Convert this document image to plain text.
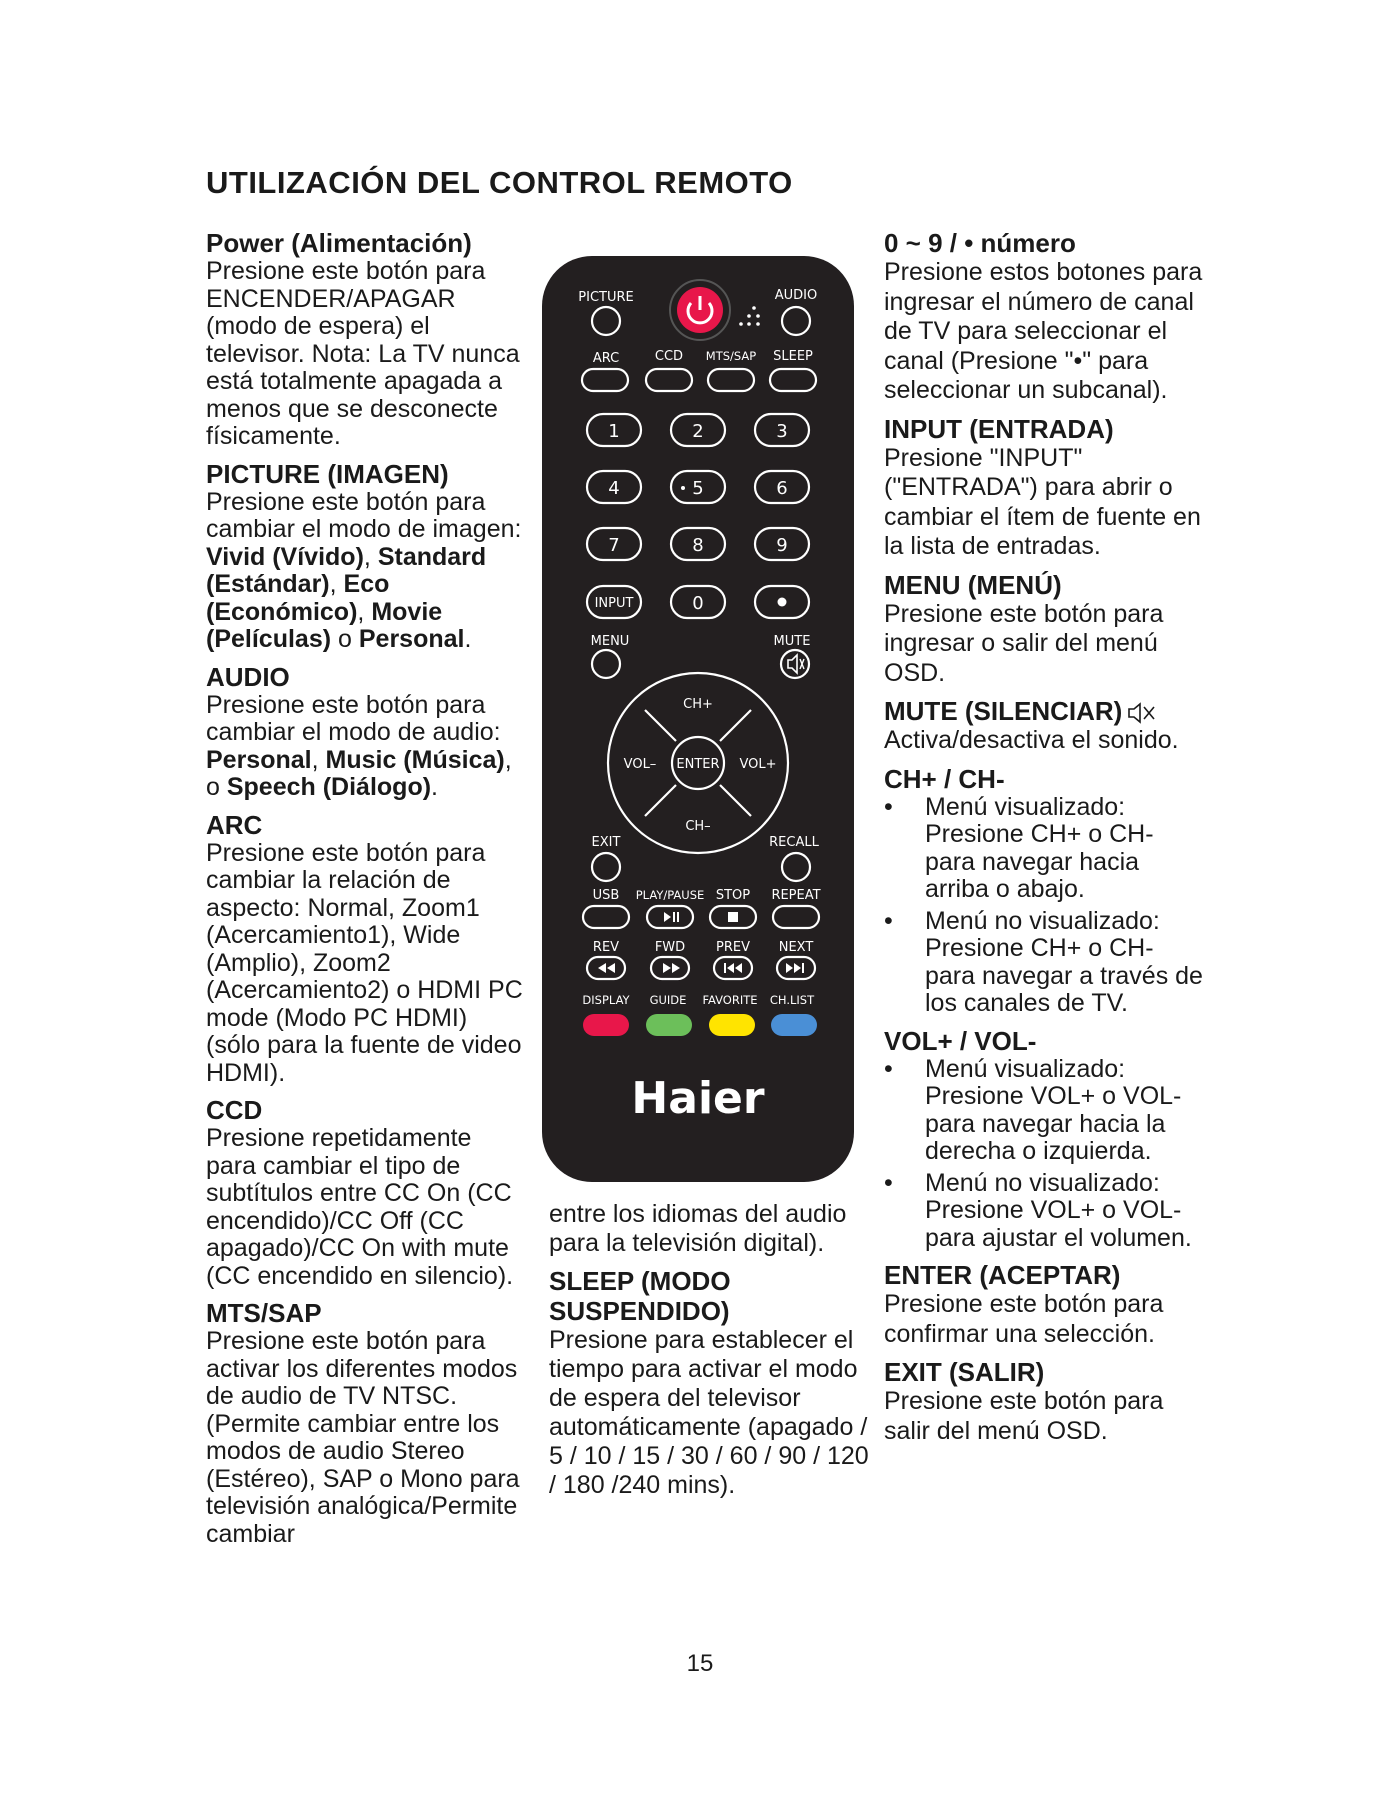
UTILIZACIÓN DEL CONTROL REMOTO
Power (Alimentación)

Presione este botón para ENCENDER/APAGAR (modo de espera) el televisor. Nota: La TV nunca está totalmente apagada a menos que se desconecte físicamente.

PICTURE (IMAGEN)

Presione este botón para cambiar el modo de imagen: Vivid (Vívido), Standard (Estándar), Eco (Económico), Movie (Películas) o Personal.

AUDIO

Presione este botón para cambiar el modo de audio: Personal, Music (Música), o Speech (Diálogo).

ARC

Presione este botón para cambiar la relación de aspecto: Normal, Zoom1 (Acercamiento1), Wide (Amplio), Zoom2 (Acercamiento2) o HDMI PC mode (Modo PC HDMI) (sólo para la fuente de video HDMI).

CCD

Presione repetidamente para cambiar el tipo de subtítulos entre CC On (CC encendido)/CC Off (CC apagado)/CC On with mute (CC encendido en silencio).

MTS/SAP

Presione este botón para activar los diferentes modos de audio de TV NTSC. (Permite cambiar entre los modos de audio Stereo (Estéreo), SAP o Mono para televisión analógica/Permite cambiar

PICTURE	AUDIO
ARC	CCD MTS/SAP SLEEP
1	2	3
4	5	6
7	8	9
INPUT	0
MENU	MUTE
CH+
CH–
VOL–	VOL+
ENTER
EXIT	RECALL
USB PLAY/PAUSE STOP REPEAT
REV	FWD PREV NEXT
DISPLAY GUIDE FAVORITE CH.LIST
Haier

entre los idiomas del audio para la televisión digital).

SLEEP (MODO SUSPENDIDO)

Presione para establecer el tiempo para activar el modo de espera del televisor automáticamente (apagado / 5 / 10 / 15 / 30 / 60 / 90 / 120 / 180 /240 mins).

0 ~ 9 / • número

Presione estos botones para ingresar el número de canal de TV para seleccionar el canal (Presione "•" para seleccionar un subcanal).

INPUT (ENTRADA)

Presione "INPUT" ("ENTRADA") para abrir o cambiar el ítem de fuente en la lista de entradas.

MENU (MENÚ)

Presione este botón para ingresar o salir del menú OSD.

MUTE (SILENCIAR)

Activa/desactiva el sonido.

CH+ / CH-
• Menú visualizado: Presione CH+ o CH- para navegar hacia arriba o abajo.
• Menú no visualizado: Presione CH+ o CH- para navegar a través de los canales de TV.
VOL+ / VOL-
• Menú visualizado: Presione VOL+ o VOL- para navegar hacia la derecha o izquierda.
• Menú no visualizado: Presione VOL+ o VOL- para ajustar el volumen.
ENTER (ACEPTAR)

Presione este botón para confirmar una selección.

EXIT (SALIR)

Presione este botón para salir del menú OSD.

15
